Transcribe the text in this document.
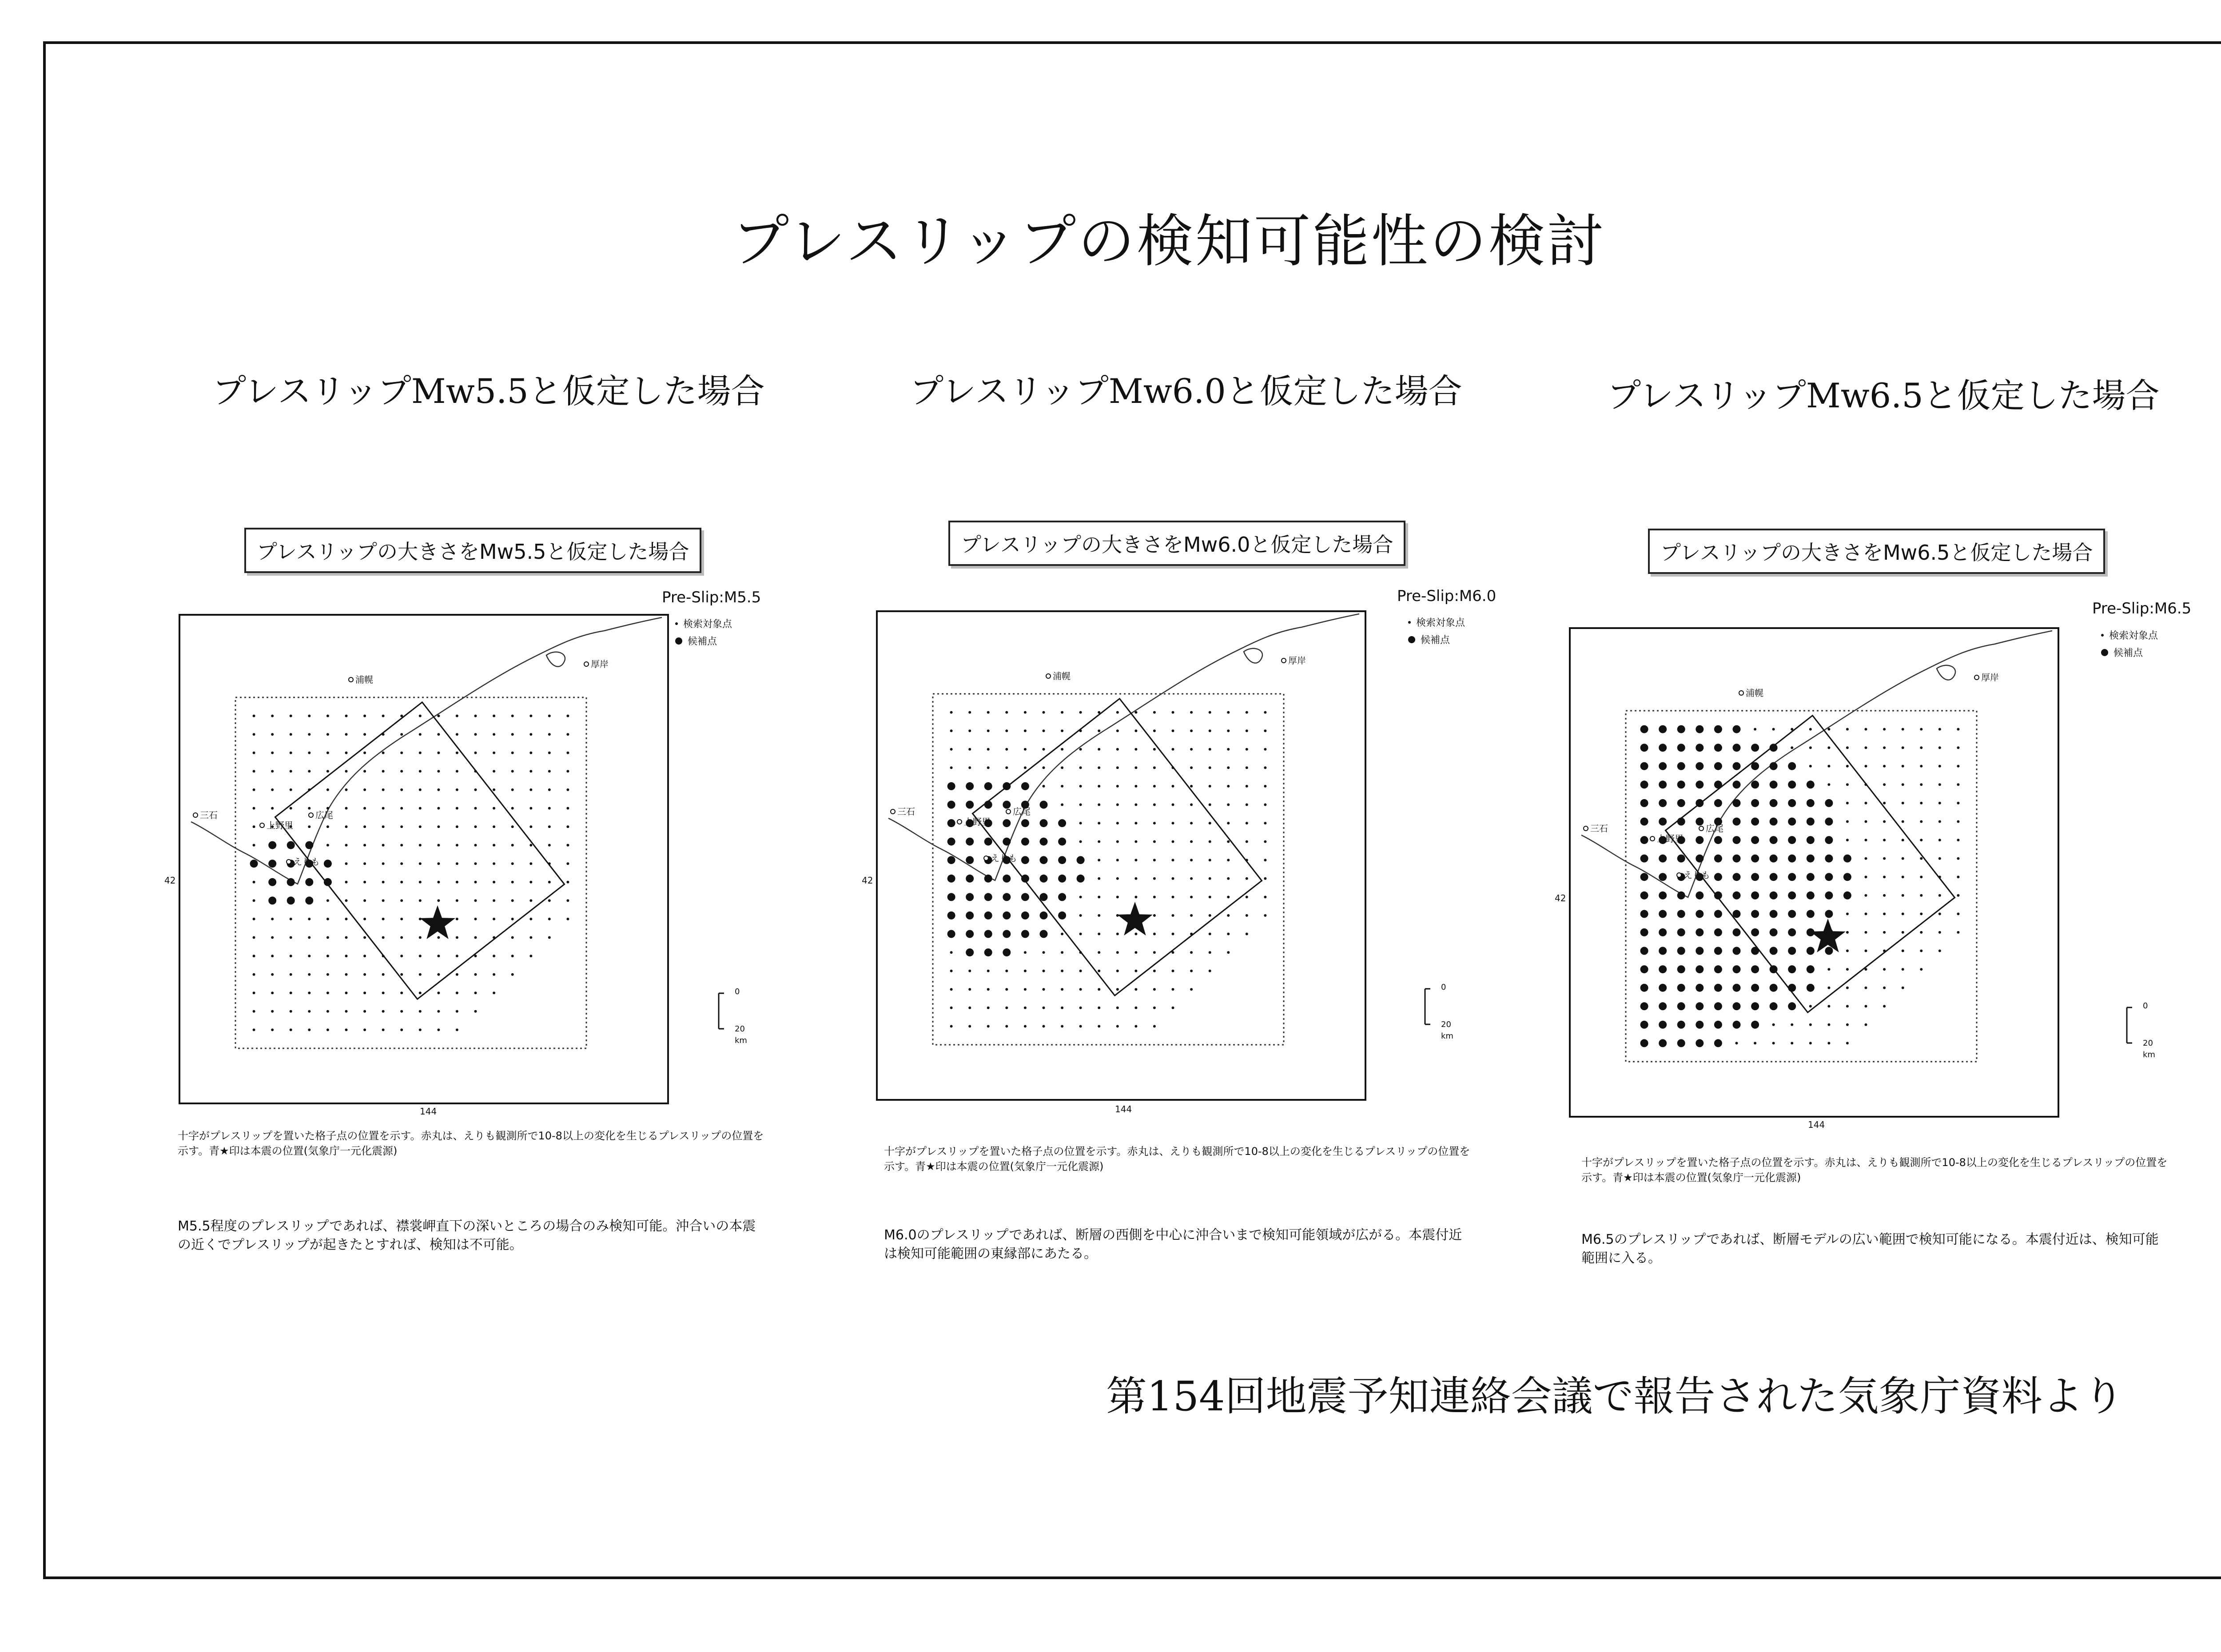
プレスリップの検知可能性の検討
プレスリップMw5.5と仮定した場合
プレスリップの大きさをMw5.5と仮定した場合
Pre-Slip:M5.5
検索対象点
候補点
浦幌
厚岸
三石
上野里
広尾
えりも
42
144
0
20
km
十字がプレスリップを置いた格子点の位置を示す。赤丸は、えりも観測所で10-8以上の変化を生じるプレスリップの位置を示す。青★印は本震の位置(気象庁一元化震源)
M5.5程度のプレスリップであれば、襟裳岬直下の深いところの場合のみ検知可能。沖合いの本震の近くでプレスリップが起きたとすれば、検知は不可能。
プレスリップMw6.0と仮定した場合
プレスリップの大きさをMw6.0と仮定した場合
Pre-Slip:M6.0
検索対象点
候補点
浦幌
厚岸
三石
上野里
広尾
えりも
42
144
0
20
km
十字がプレスリップを置いた格子点の位置を示す。赤丸は、えりも観測所で10-8以上の変化を生じるプレスリップの位置を示す。青★印は本震の位置(気象庁一元化震源)
M6.0のプレスリップであれば、断層の西側を中心に沖合いまで検知可能領域が広がる。本震付近は検知可能範囲の東縁部にあたる。
プレスリップMw6.5と仮定した場合
プレスリップの大きさをMw6.5と仮定した場合
Pre-Slip:M6.5
検索対象点
候補点
浦幌
厚岸
三石
上野里
広尾
えりも
42
144
0
20
km
十字がプレスリップを置いた格子点の位置を示す。赤丸は、えりも観測所で10-8以上の変化を生じるプレスリップの位置を示す。青★印は本震の位置(気象庁一元化震源)
M6.5のプレスリップであれば、断層モデルの広い範囲で検知可能になる。本震付近は、検知可能範囲に入る。
第154回地震予知連絡会議で報告された気象庁資料より
